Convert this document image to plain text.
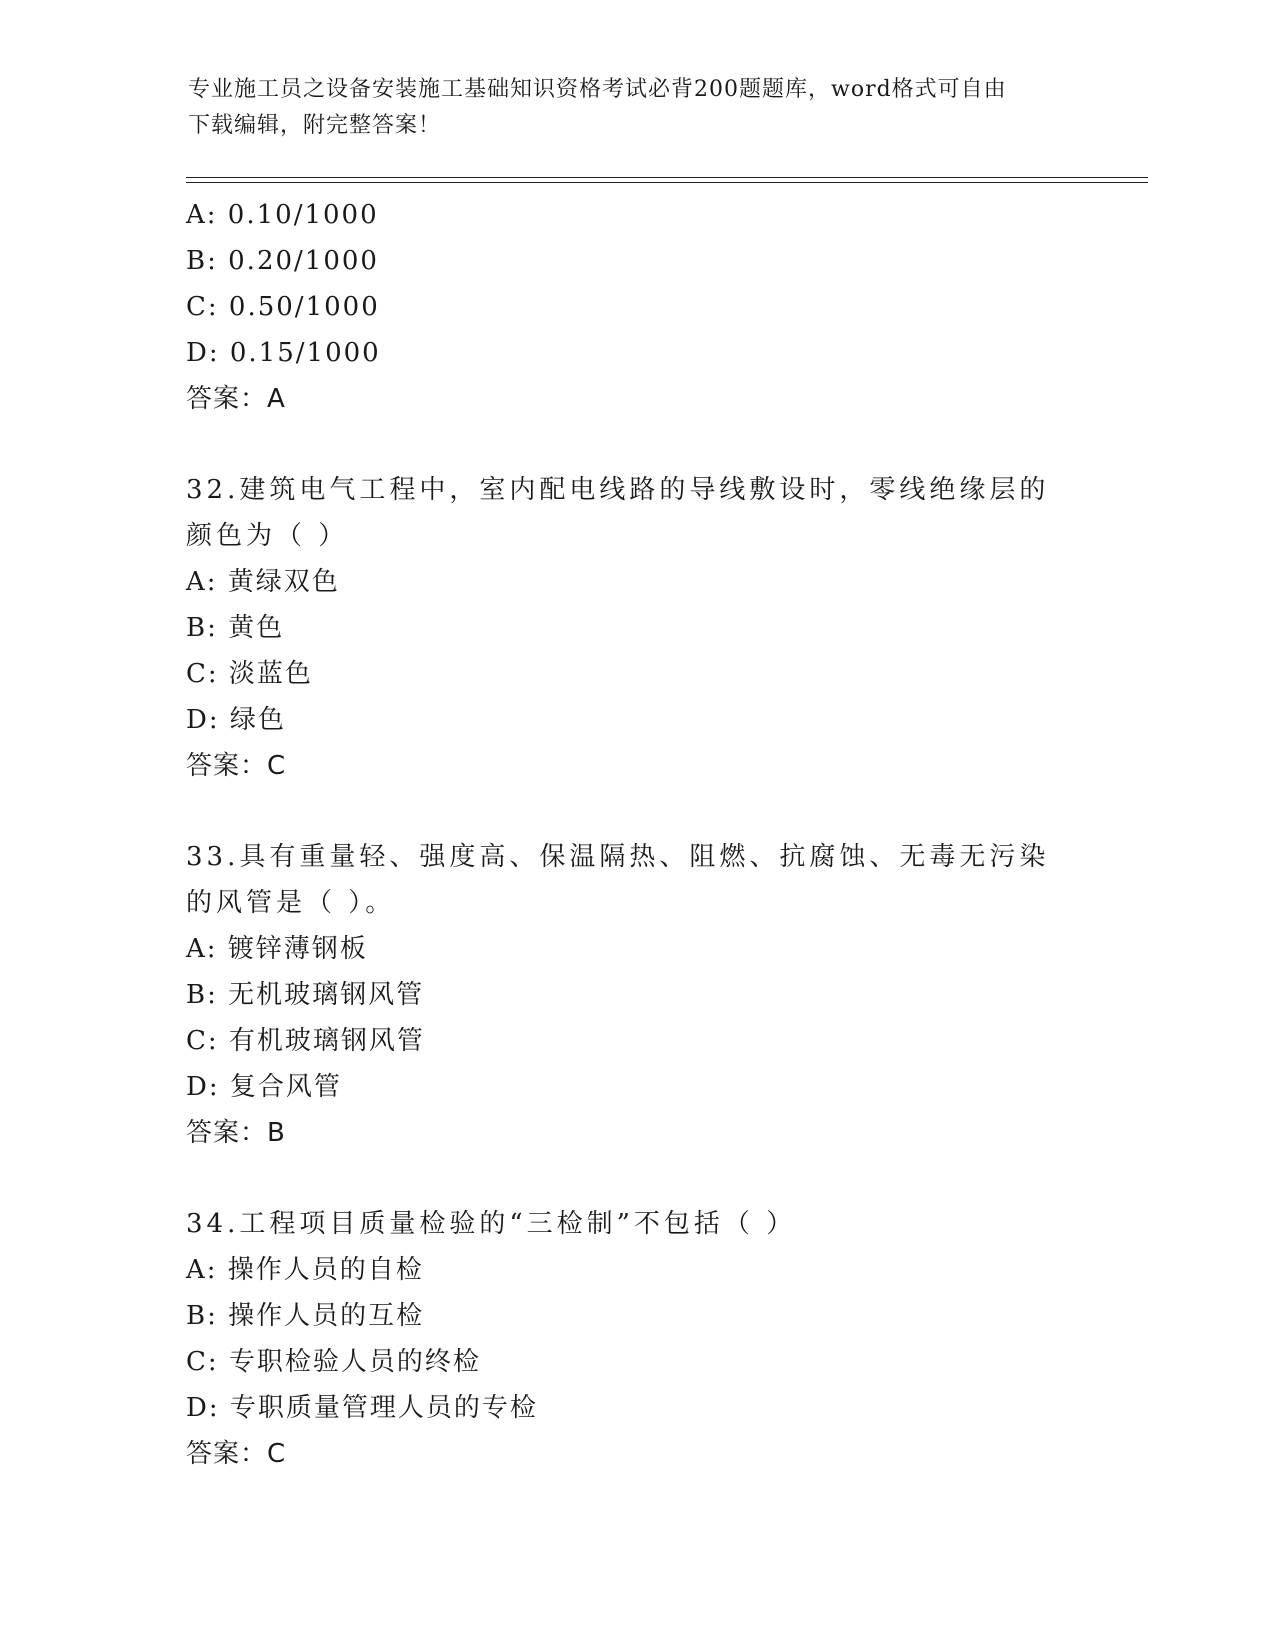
专业施工员之设备安装施工基础知识资格考试必背200题题库，word格式可自由
下载编辑，附完整答案！
A: 0.10/1000
B: 0.20/1000
C: 0.50/1000
D: 0.15/1000
答案：A
32.建筑电气工程中，室内配电线路的导线敷设时，零线绝缘层的颜色为（ ）
A: 黄绿双色
B: 黄色
C: 淡蓝色
D: 绿色
答案：C
33.具有重量轻、强度高、保温隔热、阻燃、抗腐蚀、无毒无污染的风管是（ ）。
A: 镀锌薄钢板
B: 无机玻璃钢风管
C: 有机玻璃钢风管
D: 复合风管
答案：B
34.工程项目质量检验的“三检制”不包括（ ）
A: 操作人员的自检
B: 操作人员的互检
C: 专职检验人员的终检
D: 专职质量管理人员的专检
答案：C
